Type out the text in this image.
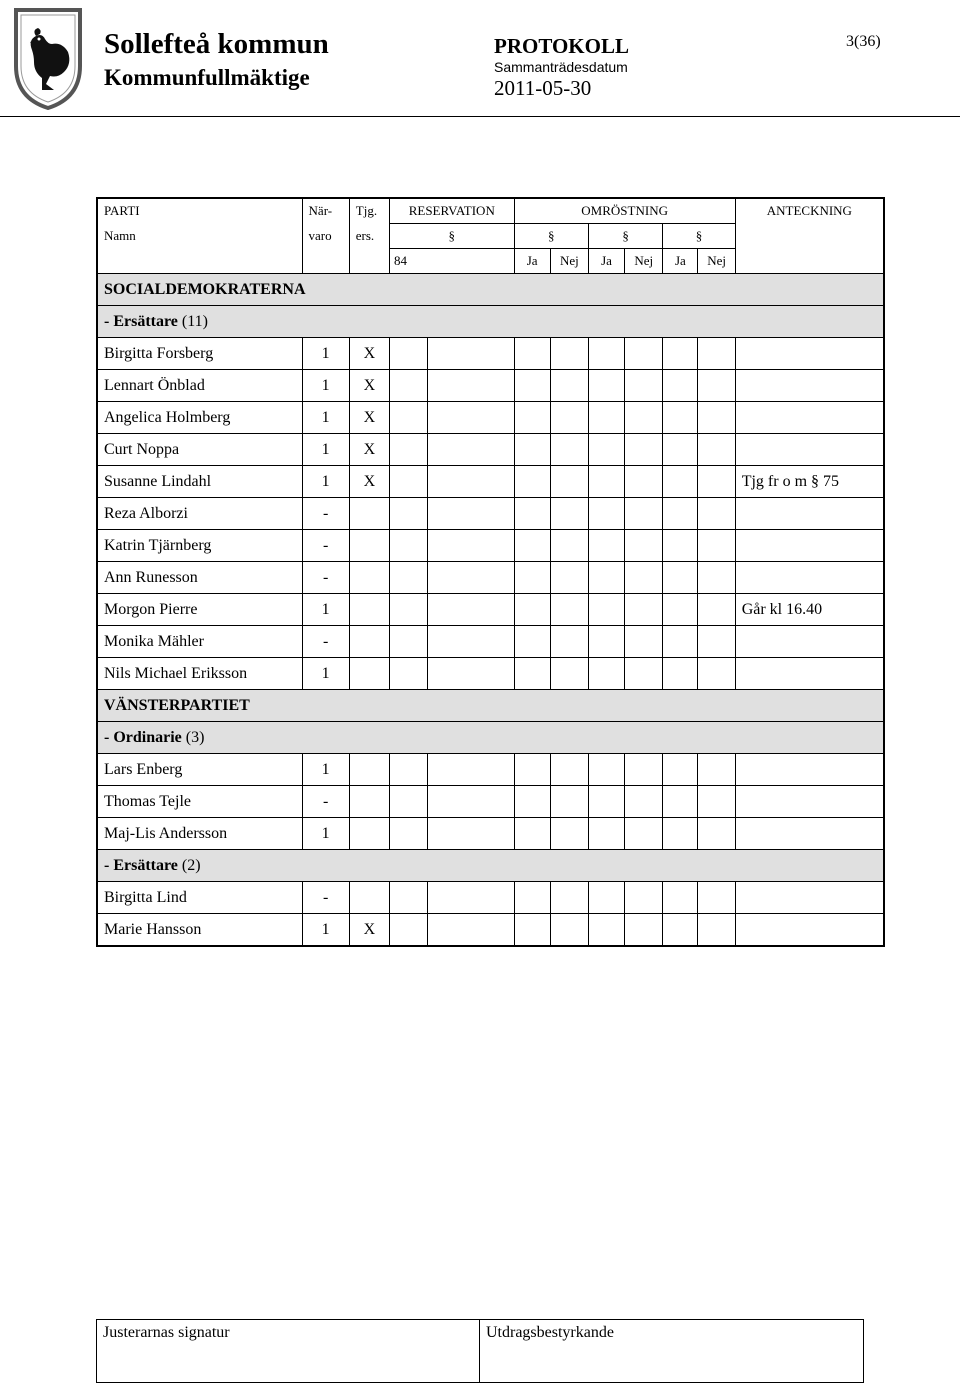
Sollefteå kommun
Kommunfullmäktige
PROTOKOLL
Sammanträdesdatum
2011-05-30
3(36)
PARTI	När-	Tjg.	RESERVATION		OMRÖSTNING						ANTECKNING
Namn	varo	ers.	§		§		§		§		
			84		Ja	Nej	Ja	Nej	Ja	Nej	
SOCIALDEMOKRATERNA											
- Ersättare (11)											
Birgitta Forsberg	1	X									
Lennart Önblad	1	X									
Angelica Holmberg	1	X									
Curt Noppa	1	X									
Susanne Lindahl	1	X									Tjg fr o m § 75
Reza Alborzi	-										
Katrin Tjärnberg	-										
Ann Runesson	-										
Morgon Pierre	1										Går kl 16.40
Monika Mähler	-										
Nils Michael Eriksson	1										
VÄNSTERPARTIET											
- Ordinarie (3)											
Lars Enberg	1										
Thomas Tejle	-										
Maj-Lis Andersson	1										
- Ersättare (2)											
Birgitta Lind	-										
Marie Hansson	1	X									
Justerarnas signatur	Utdragsbestyrkande
